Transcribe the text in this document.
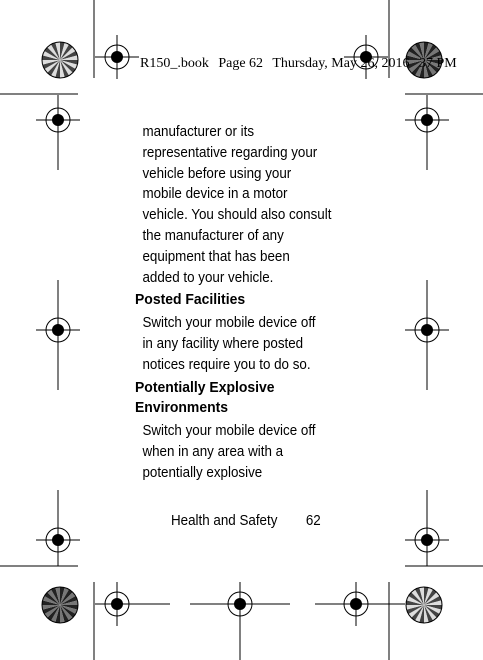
R150_.book Page 62 Thursday, May 26, 2016 37 PM
manufacturer or its
representative regarding your
vehicle before using your
mobile device in a motor
vehicle. You should also consult
the manufacturer of any
equipment that has been
added to your vehicle.
Posted Facilities
Switch your mobile device off
in any facility where posted
notices require you to do so.
Potentially Explosive
Environments
Switch your mobile device off
when in any area with a
potentially explosive
Health and Safety 62
